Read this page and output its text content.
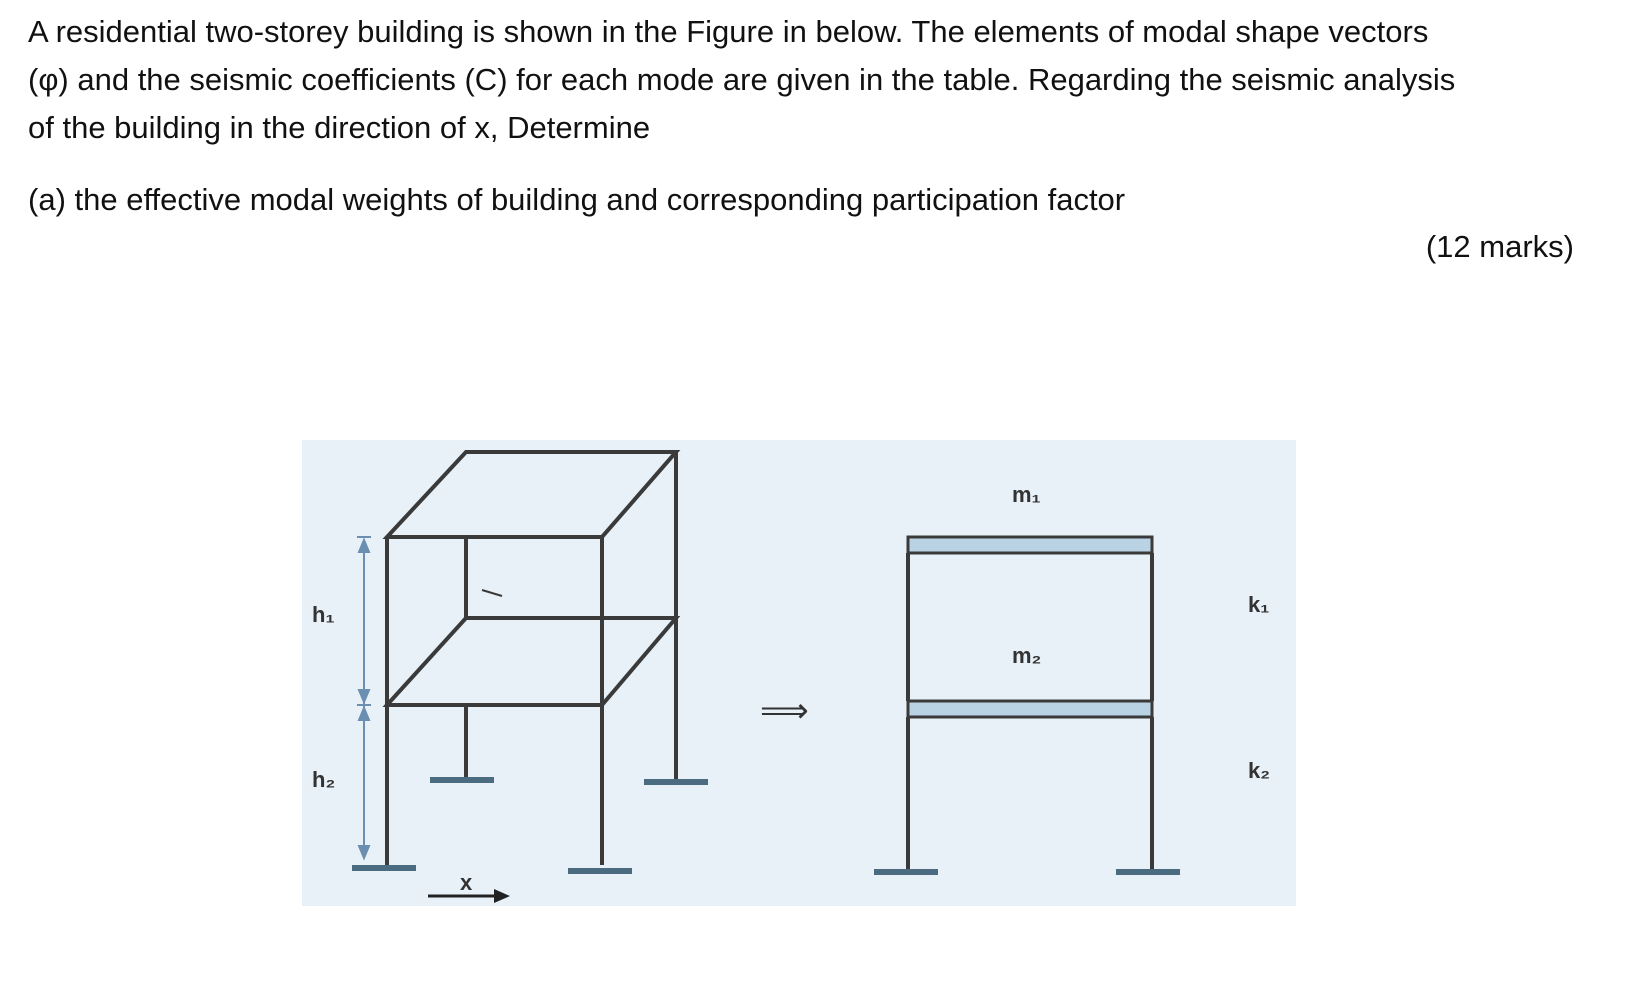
A residential two-storey building is shown in the Figure in below. The elements of modal shape vectors

(φ) and the seismic coefficients (C) for each mode are given in the table. Regarding the seismic analysis

of the building in the direction of x, Determine

(a) the effective modal weights of building and corresponding participation factor

(12 marks)

h₁
h₂
x
⟹
m₁
m₂
k₁
k₂
